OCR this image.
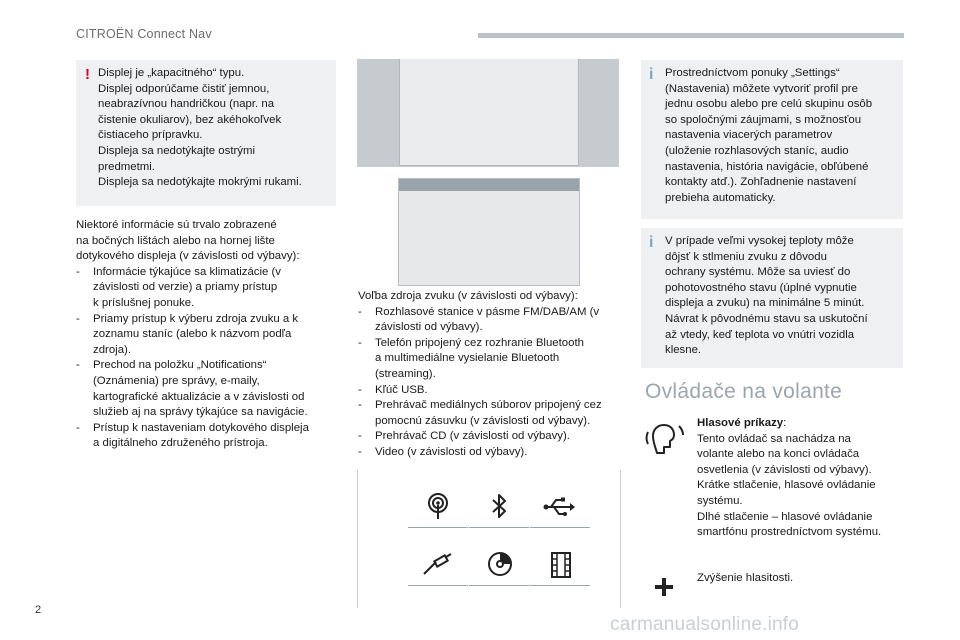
CITROËN Connect Nav
! Displej je „kapacitného“ typu.

Displej odporúčame čistiť jemnou,

neabrazívnou handričkou (napr. na

čistenie okuliarov), bez akéhokoľvek

čistiaceho prípravku.

Displeja sa nedotýkajte ostrými

predmetmi.

Displeja sa nedotýkajte mokrými rukami.

Niektoré informácie sú trvalo zobrazené

na bočných lištách alebo na hornej lište

dotykového displeja (v závislosti od výbavy):

- Informácie týkajúce sa klimatizácie (v

závislosti od verzie) a priamy prístup

k príslušnej ponuke.

- Priamy prístup k výberu zdroja zvuku a k

zoznamu staníc (alebo k názvom podľa

zdroja).

- Prechod na položku „Notifications“

(Oznámenia) pre správy, e-maily,

kartografické aktualizácie a v závislosti od

služieb aj na správy týkajúce sa navigácie.

- Prístup k nastaveniam dotykového displeja

a digitálneho združeného prístroja.

Voľba zdroja zvuku (v závislosti od výbavy):

- Rozhlasové stanice v pásme FM/DAB/AM (v

závislosti od výbavy).

- Telefón pripojený cez rozhranie Bluetooth

a multimediálne vysielanie Bluetooth

(streaming).

- Kľúč USB.

- Prehrávač mediálnych súborov pripojený cez

pomocnú zásuvku (v závislosti od výbavy).

- Prehrávač CD (v závislosti od výbavy).

- Video (v závislosti od výbavy).

i Prostredníctvom ponuky „Settings“

(Nastavenia) môžete vytvoriť profil pre

jednu osobu alebo pre celú skupinu osôb

so spoločnými záujmami, s možnosťou

nastavenia viacerých parametrov

(uloženie rozhlasových staníc, audio

nastavenia, história navigácie, obľúbené

kontakty atď.). Zohľadnenie nastavení

prebieha automaticky.

i V prípade veľmi vysokej teploty môže

dôjsť k stlmeniu zvuku z dôvodu

ochrany systému. Môže sa uviesť do

pohotovostného stavu (úplné vypnutie

displeja a zvuku) na minimálne 5 minút.

Návrat k pôvodnému stavu sa uskutoční

až vtedy, keď teplota vo vnútri vozidla

klesne.

Ovládače na volante

Hlasové príkazy:

Tento ovládač sa nachádza na

volante alebo na konci ovládača

osvetlenia (v závislosti od výbavy).

Krátke stlačenie, hlasové ovládanie

systému.

Dlhé stlačenie – hlasové ovládanie

smartfónu prostredníctvom systému.

Zvýšenie hlasitosti.
2
carmanualsonline.info
